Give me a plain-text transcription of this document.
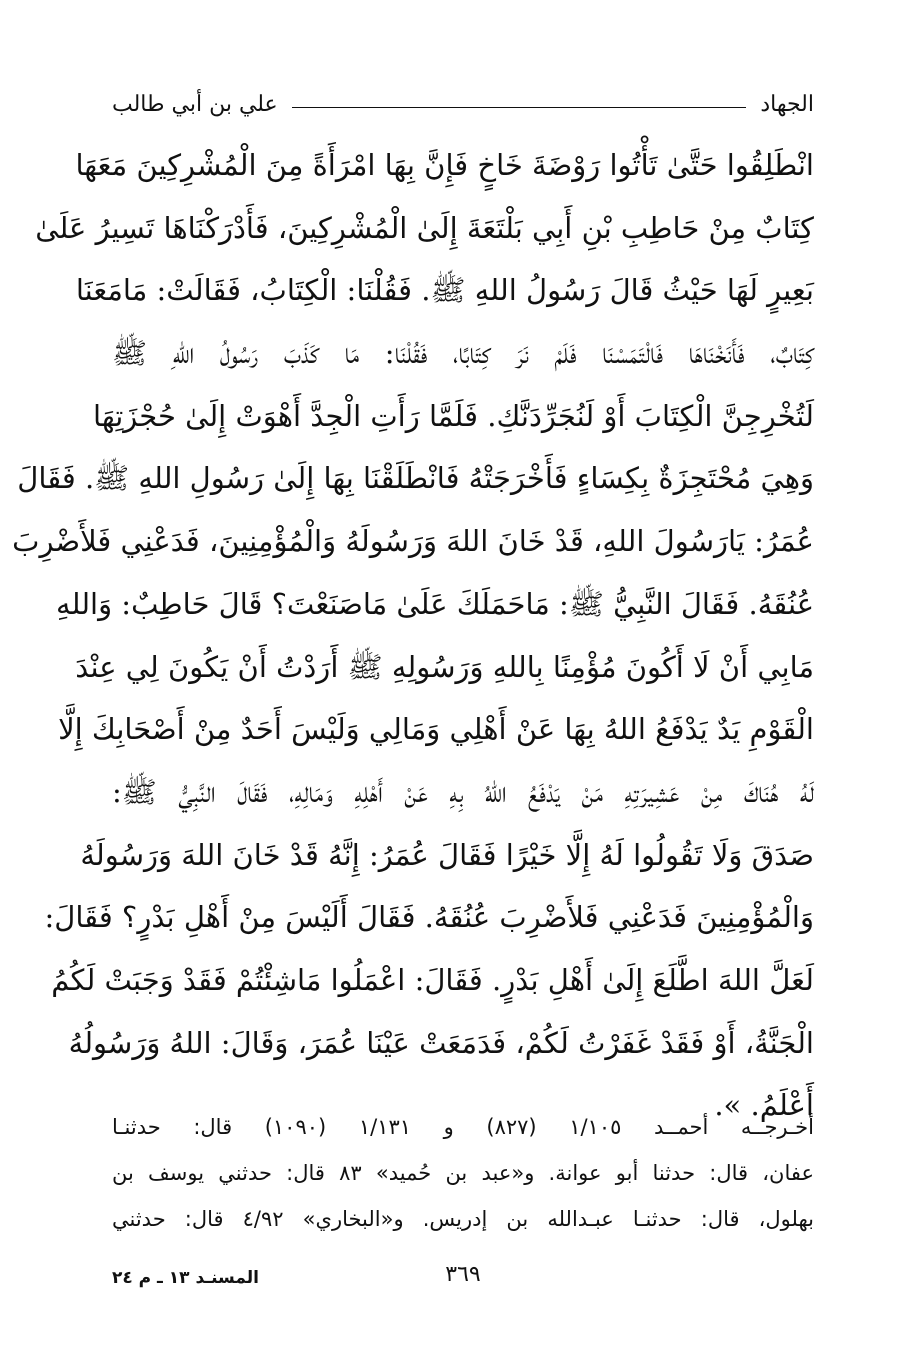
الجهاد
علي بن أبي طالب
انْطَلِقُوا حَتَّىٰ تَأْتُوا رَوْضَةَ خَاخٍ فَإِنَّ بِهَا امْرَأَةً مِنَ الْمُشْرِكِينَ مَعَهَا
كِتَابٌ مِنْ حَاطِبِ بْنِ أَبِي بَلْتَعَةَ إِلَىٰ الْمُشْرِكِينَ، فَأَدْرَكْنَاهَا تَسِيرُ عَلَىٰ
بَعِيرٍ لَهَا حَيْثُ قَالَ رَسُولُ اللهِ ﷺ. فَقُلْنَا: الْكِتَابُ، فَقَالَتْ: مَامَعَنَا
كِتَابٌ، فَأَنَخْنَاهَا فَالْتَمَسْنَا فَلَمْ نَرَ كِتَابًا، فَقُلْنَا: مَا كَذَبَ رَسُولُ اللهِ ﷺ
لَتُخْرِجِنَّ الْكِتَابَ أَوْ لَنُجَرِّدَنَّكِ. فَلَمَّا رَأَتِ الْجِدَّ أَهْوَتْ إِلَىٰ حُجْزَتِهَا
وَهِيَ مُحْتَجِزَةٌ بِكِسَاءٍ فَأَخْرَجَتْهُ فَانْطَلَقْنَا بِهَا إِلَىٰ رَسُولِ اللهِ ﷺ. فَقَالَ
عُمَرُ: يَارَسُولَ اللهِ، قَدْ خَانَ اللهَ وَرَسُولَهُ وَالْمُؤْمِنِينَ، فَدَعْنِي فَلأَضْرِبَ
عُنُقَهُ. فَقَالَ النَّبِيُّ ﷺ: مَاحَمَلَكَ عَلَىٰ مَاصَنَعْتَ؟ قَالَ حَاطِبٌ: وَاللهِ
مَابِي أَنْ لَا أَكُونَ مُؤْمِنًا بِاللهِ وَرَسُولِهِ ﷺ أَرَدْتُ أَنْ يَكُونَ لِي عِنْدَ
الْقَوْمِ يَدٌ يَدْفَعُ اللهُ بِهَا عَنْ أَهْلِي وَمَالِي وَلَيْسَ أَحَدٌ مِنْ أَصْحَابِكَ إِلَّا
لَهُ هُنَاكَ مِنْ عَشِيرَتِهِ مَنْ يَدْفَعُ اللهُ بِهِ عَنْ أَهْلِهِ وَمَالِهِ، فَقَالَ النَّبِيُّ ﷺ:
صَدَقَ وَلَا تَقُولُوا لَهُ إِلَّا خَيْرًا فَقَالَ عُمَرُ: إِنَّهُ قَدْ خَانَ اللهَ وَرَسُولَهُ
وَالْمُؤْمِنِينَ فَدَعْنِي فَلأَضْرِبَ عُنُقَهُ. فَقَالَ أَلَيْسَ مِنْ أَهْلِ بَدْرٍ؟ فَقَالَ:
لَعَلَّ اللهَ اطَّلَعَ إِلَىٰ أَهْلِ بَدْرٍ. فَقَالَ: اعْمَلُوا مَاشِئْتُمْ فَقَدْ وَجَبَتْ لَكُمُ
الْجَنَّةُ، أَوْ فَقَدْ غَفَرْتُ لَكُمْ، فَدَمَعَتْ عَيْنَا عُمَرَ، وَقَالَ: اللهُ وَرَسُولُهُ
أَعْلَمُ. ».
أخـرجــه أحمــد ١/١٠٥ (٨٢٧) و ١/١٣١ (١٠٩٠) قال: حدثنـا
عفان، قال: حدثنا أبو عوانة. و«عبد بن حُميد» ٨٣ قال: حدثني يوسف بن
بهلول، قال: حدثنـا عبـدالله بن إدريس. و«البخاري» ٤/٩٢ قال: حدثني
٣٦٩
المسنـد ١٣ ـ م ٢٤
